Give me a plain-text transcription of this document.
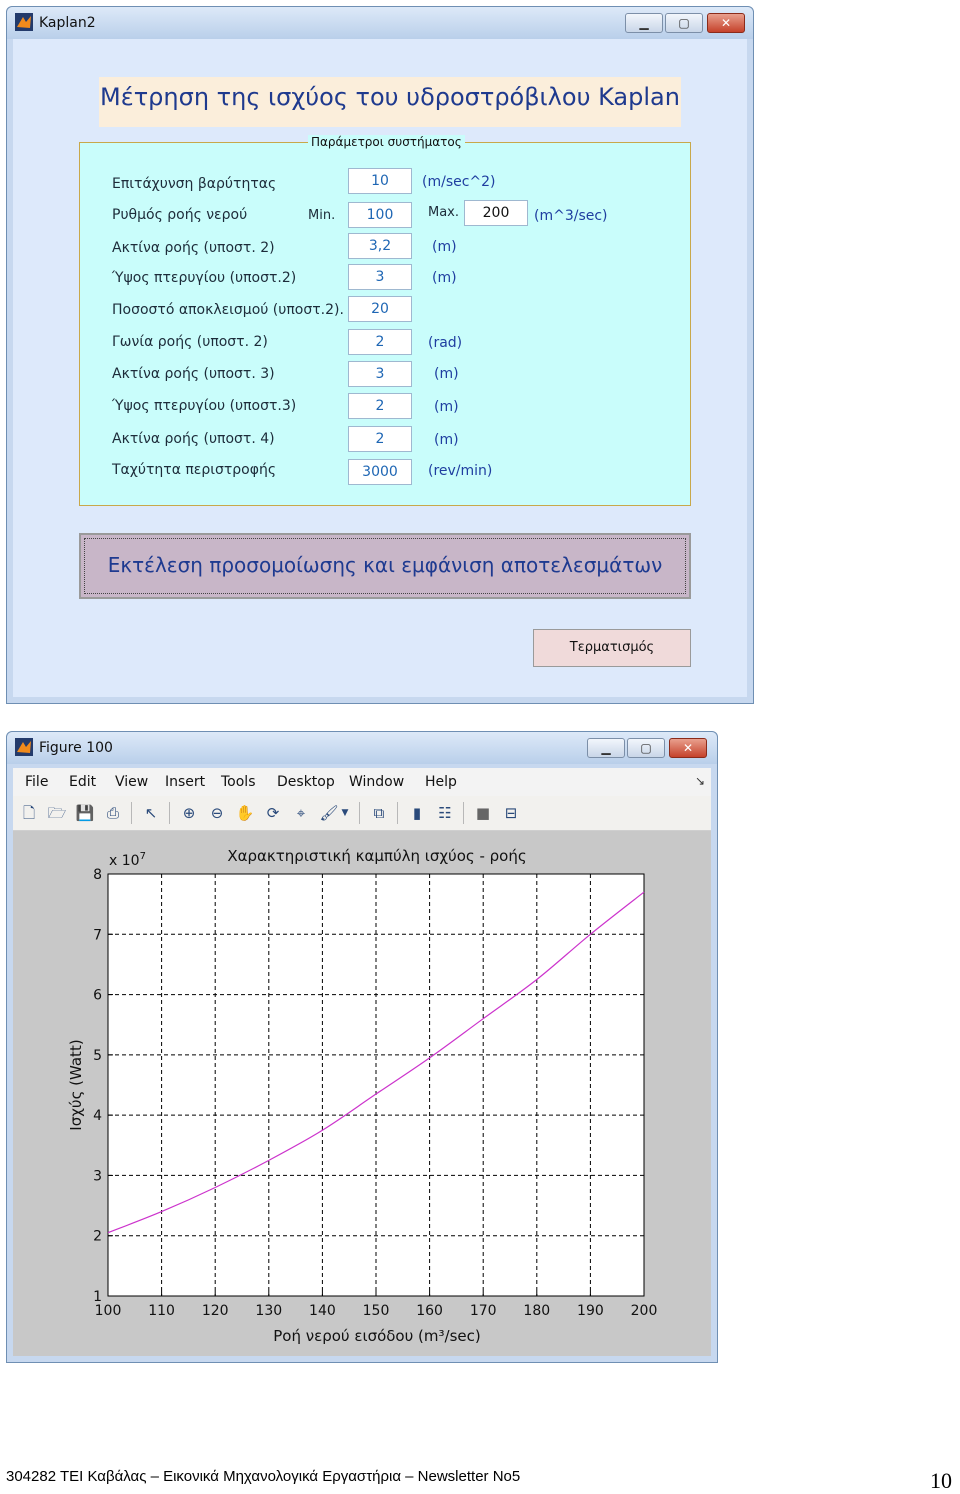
Kaplan2	▁	▢	✕
Μέτρηση της ισχύος του υδροστρόβιλου Kaplan
Παράμετροι συστήματος
Επιτάχυνση βαρύτητας	10	(m/sec^2)
Ρυθμός ροής νερού	Min.	100	Max.	200	(m^3/sec)
Ακτίνα ροής (υποστ. 2)	3,2	(m)
Ύψος πτερυγίου (υποστ.2)	3	(m)
Ποσοστό αποκλεισμού (υποστ.2).	20
Γωνία ροής (υποστ. 2)	2	(rad)
Ακτίνα ροής (υποστ. 3)	3	(m)
Ύψος πτερυγίου (υποστ.3)	2	(m)
Ακτίνα ροής (υποστ. 4)	2	(m)
Ταχύτητα περιστροφής	3000	(rev/min)
Εκτέλεση προσομοίωσης και εμφάνιση αποτελεσμάτων
Τερματισμός
Figure 100	▁	▢	✕
File Edit View Insert Tools Desktop Window Help	↘
🗋 🗁 💾 ⎙ ↖ ⊕ ⊖ ✋ ⟳	⌖ 🖌 ▼	⧉	▮	☷ ■ ⊟
100 110 120 130 140 150 160 170 180 190 200
1
2
3
4
5
6
7
8
Χαρακτηριστική καμπύλη ισχύος - ροής
x $10^7$
Ροή νερού εισόδου (m³/sec)
Ισχύς (Watt)
304282 ΤΕΙ Καβάλας – Εικονικά Μηχανολογικά Εργαστήρια – Newsletter No5	10
